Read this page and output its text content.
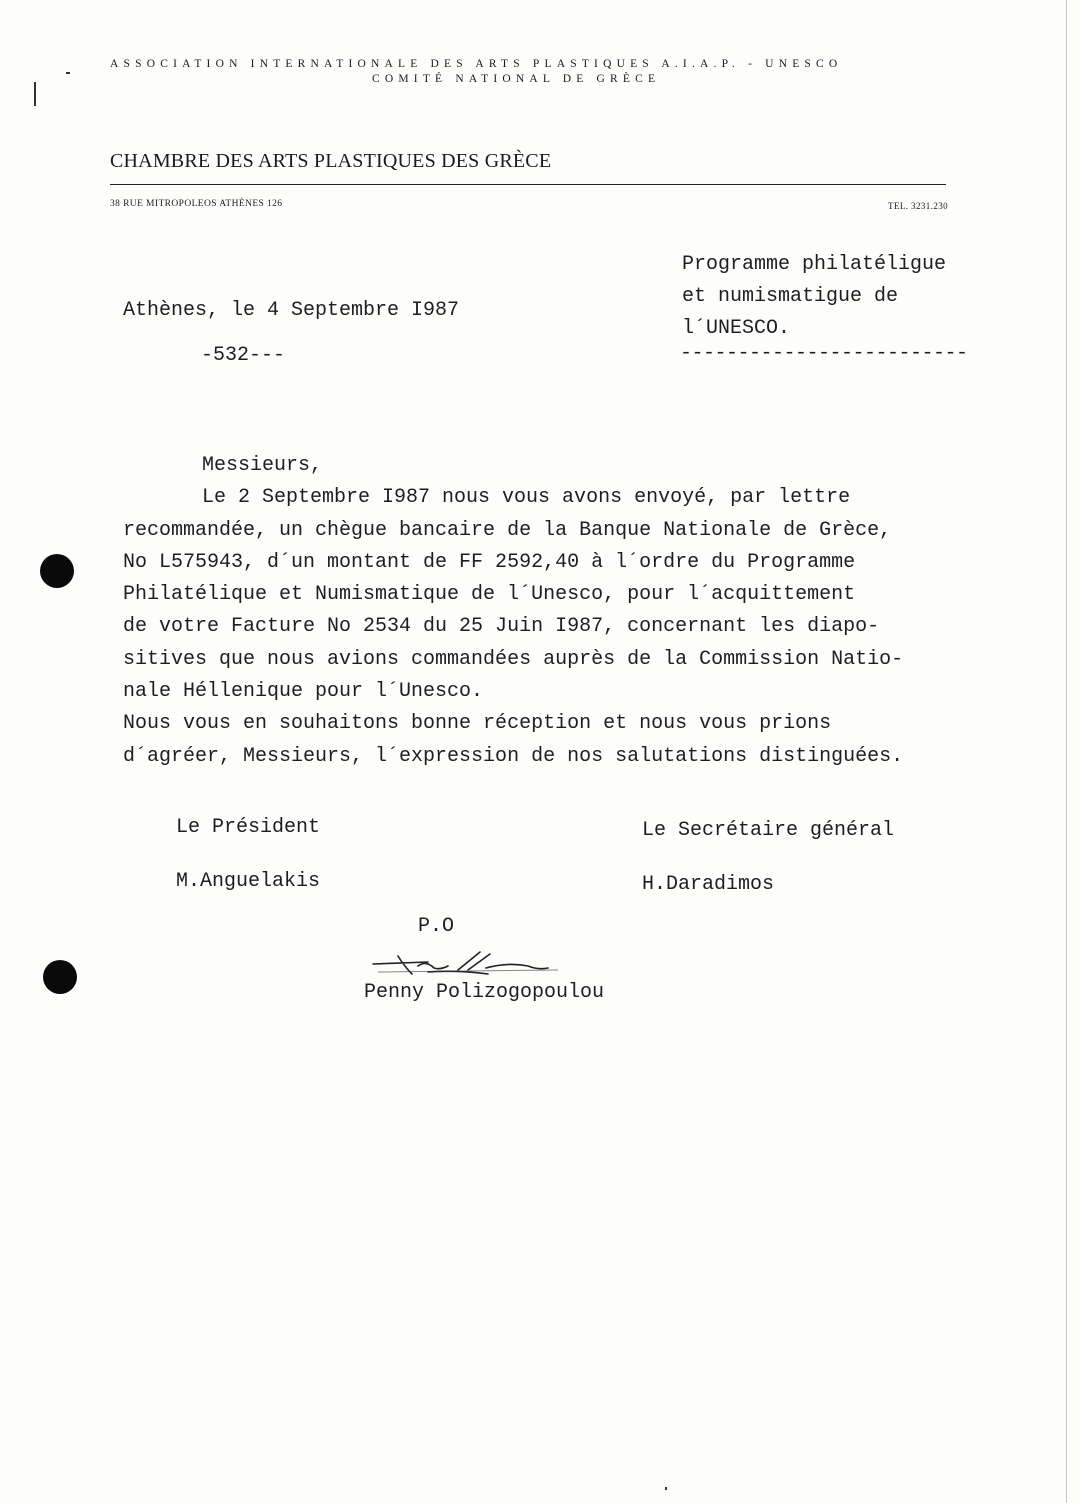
ASSOCIATION INTERNATIONALE DES ARTS PLASTIQUES A.I.A.P. - UNESCO
COMITÉ NATIONAL DE GRÈCE
CHAMBRE DES ARTS PLASTIQUES DES GRÈCE
38 RUE MITROPOLEOS ATHÈNES 126	TEL. 3231.230
Programme philatéligue
et numismatigue de
l´UNESCO.
-------------------------
Athènes, le 4 Septembre I987
-532---
Messieurs,
Le 2 Septembre I987 nous vous avons envoyé, par lettre
recommandée, un chègue bancaire de la Banque Nationale de Grèce,
No L575943, d´un montant de FF 2592,40 à l´ordre du Programme
Philatélique et Numismatique de l´Unesco, pour l´acquittement
de votre Facture No 2534 du 25 Juin I987, concernant les diapo-
sitives que nous avions commandées auprès de la Commission Natio-
nale Héllenique pour l´Unesco.
Nous vous en souhaitons bonne réception et nous vous prions
d´agréer, Messieurs, l´expression de nos salutations distinguées.
Le Président
M.Anguelakis
Le Secrétaire général
H.Daradimos
P.O
Penny Polizogopoulou
